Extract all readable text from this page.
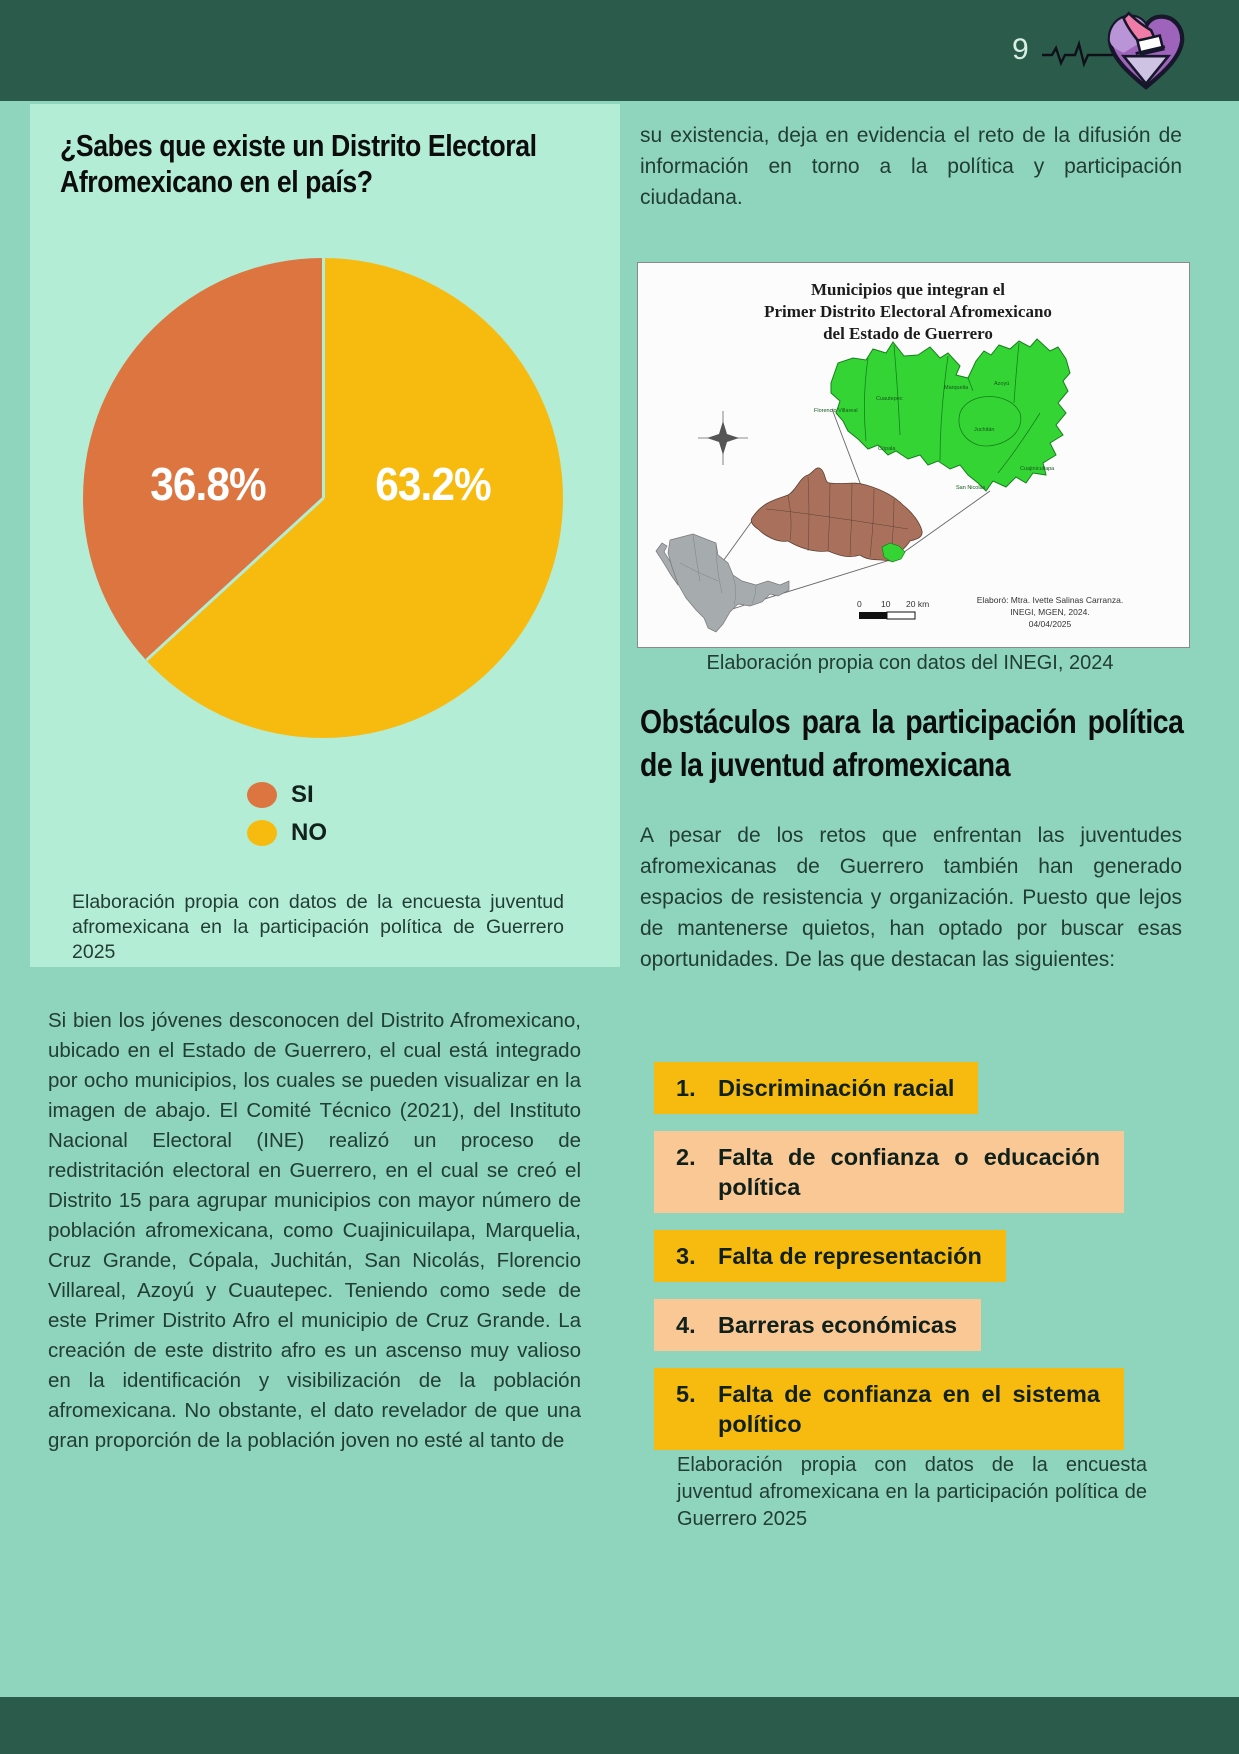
9
¿Sabes que existe un Distrito Electoral Afromexicano en el país?
36.8% 63.2%
SI
NO
Elaboración propia con datos de la encuesta juventud afromexicana en la participación política de Guerrero 2025
Si bien los jóvenes desconocen del Distrito Afromexicano, ubicado en el Estado de Guerrero, el cual está integrado por ocho municipios, los cuales se pueden visualizar en la imagen de abajo. El Comité Técnico (2021), del Instituto Nacional Electoral (INE) realizó un proceso de redistritación electoral en Guerrero, en el cual se creó el Distrito 15 para agrupar municipios con mayor número de población afromexicana, como Cuajinicuilapa, Marquelia, Cruz Grande, Cópala, Juchitán, San Nicolás, Florencio Villareal, Azoyú y Cuautepec. Teniendo como sede de este Primer Distrito Afro el municipio de Cruz Grande. La creación de este distrito afro es un ascenso muy valioso en la identificación y visibilización de la población afromexicana. No obstante, el dato revelador de que una gran proporción de la población joven no esté al tanto de
su existencia, deja en evidencia el reto de la difusión de información en torno a la política y participación ciudadana.
Municipios que integran el
Primer Distrito Electoral Afromexicano
del Estado de Guerrero
Cuautepec
Florencio Villareal
Cópala
Marquelia
Azoyú
Juchitán
San Nicolás
Cuajinicuilapa
0 10 20 km	Elaboró: Mtra. Ivette Salinas Carranza.
INEGI, MGEN, 2024.
04/04/2025
Elaboración propia con datos del INEGI, 2024
Obstáculos para la participación política de la juventud afromexicana
A pesar de los retos que enfrentan las juventudes afromexicanas de Guerrero también han generado espacios de resistencia y organización. Puesto que lejos de mantenerse quietos, han optado por buscar esas oportunidades. De las que destacan las siguientes:
1. Discriminación racial
2. Falta de confianza o educación política
3. Falta de representación
4. Barreras económicas
5. Falta de confianza en el sistema político
Elaboración propia con datos de la encuesta juventud afromexicana en la participación política de Guerrero 2025
